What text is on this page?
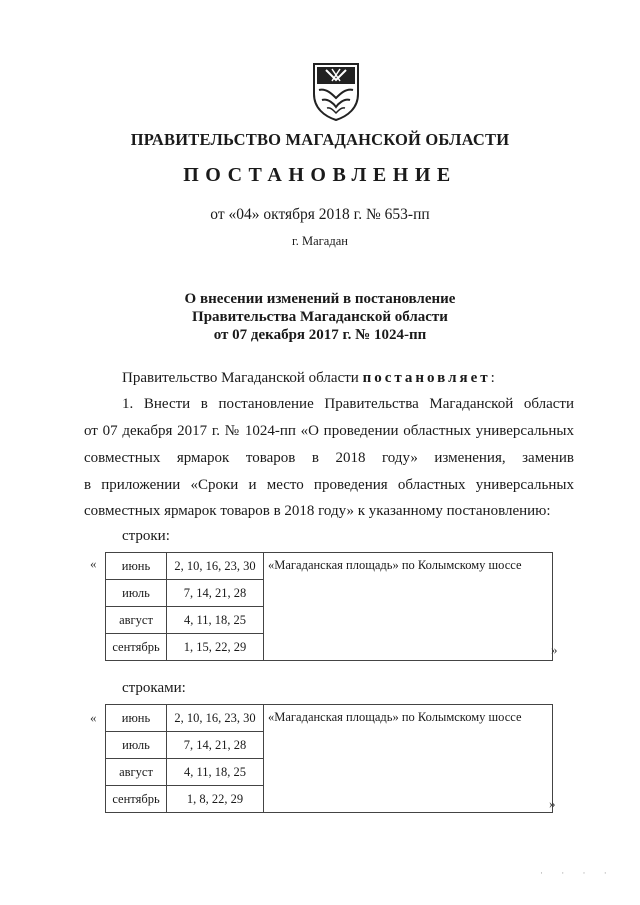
ПРАВИТЕЛЬСТВО МАГАДАНСКОЙ ОБЛАСТИ
ПОСТАНОВЛЕНИЕ
от «04» октября 2018 г. № 653-пп
г. Магадан
О внесении изменений в постановление
Правительства Магаданской области
от 07 декабря 2017 г. № 1024-пп
Правительство Магаданской области постановляет:
1. Внести в постановление Правительства Магаданской области
от 07 декабря 2017 г. № 1024-пп «О проведении областных универсальных
совместных ярмарок товаров в 2018 году» изменения, заменив
в приложении «Сроки и место проведения областных универсальных
совместных ярмарок товаров в 2018 году» к указанному постановлению:
строки:
« июнь	2, 10, 16, 23, 30	«Магаданская площадь» по Колымскому шоссе
июль	7, 14, 21, 28	
август	4, 11, 18, 25	
сентябрь	1, 15, 22, 29		»
строками:
« июнь	2, 10, 16, 23, 30	«Магаданская площадь» по Колымскому шоссе
июль	7, 14, 21, 28	
август	4, 11, 18, 25	
сентябрь	1, 8, 22, 29		»
· · · ·
